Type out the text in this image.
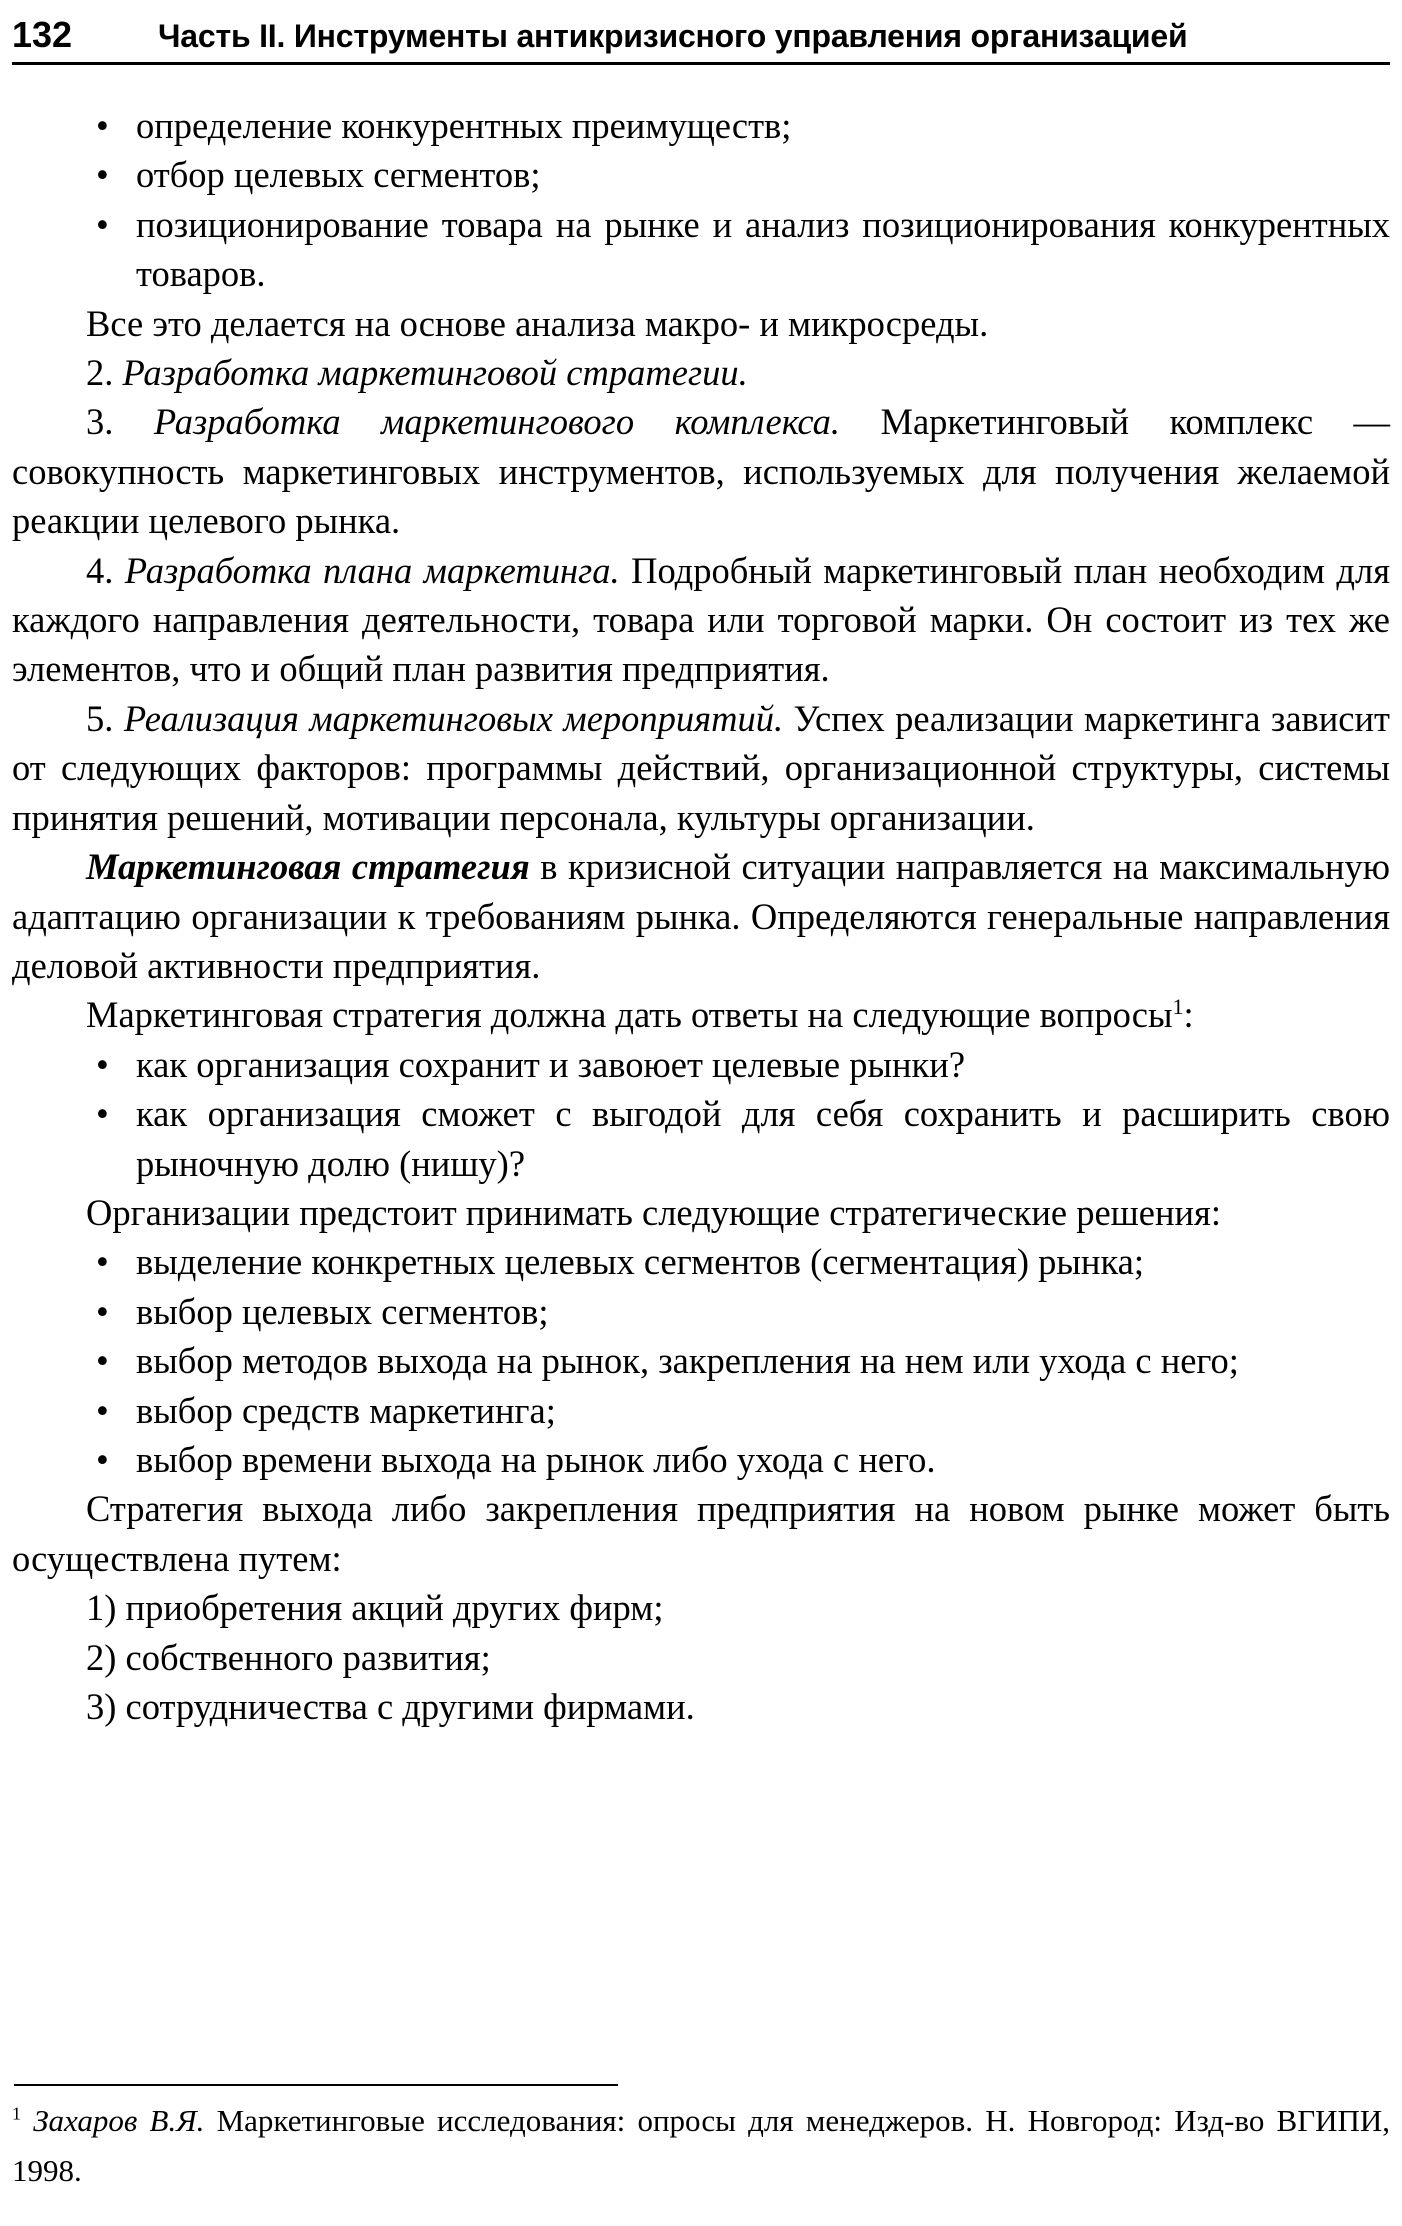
132	Часть II. Инструменты антикризисного управления организацией
• определение конкурентных преимуществ;
• отбор целевых сегментов;
• позиционирование товара на рынке и анализ позиционирования конкурентных товаров.

Все это делается на основе анализа макро- и микросреды.

2. Разработка маркетинговой стратегии.

3. Разработка маркетингового комплекса. Маркетинговый комплекс — совокупность маркетинговых инструментов, используемых для получения желаемой реакции целевого рынка.

4. Разработка плана маркетинга. Подробный маркетинговый план необходим для каждого направления деятельности, товара или торговой марки. Он состоит из тех же элементов, что и общий план развития предприятия.

5. Реализация маркетинговых мероприятий. Успех реализации маркетинга зависит от следующих факторов: программы действий, организационной структуры, системы принятия решений, мотивации персонала, культуры организации.

Маркетинговая стратегия в кризисной ситуации направляется на максимальную адаптацию организации к требованиям рынка. Определяются генеральные направления деловой активности предприятия.

Маркетинговая стратегия должна дать ответы на следующие вопросы$^1$:

• как организация сохранит и завоюет целевые рынки?
• как организация сможет с выгодой для себя сохранить и расширить свою рыночную долю (нишу)?

Организации предстоит принимать следующие стратегические решения:

• выделение конкретных целевых сегментов (сегментация) рынка;
• выбор целевых сегментов;
• выбор методов выхода на рынок, закрепления на нем или ухода с него;
• выбор средств маркетинга;
• выбор времени выхода на рынок либо ухода с него.

Стратегия выхода либо закрепления предприятия на новом рынке может быть осуществлена путем:

1) приобретения акций других фирм;
2) собственного развития;
3) сотрудничества с другими фирмами.
$^1$ Захаров В.Я. Маркетинговые исследования: опросы для менеджеров. Н. Новгород: Изд-во ВГИПИ, 1998.
